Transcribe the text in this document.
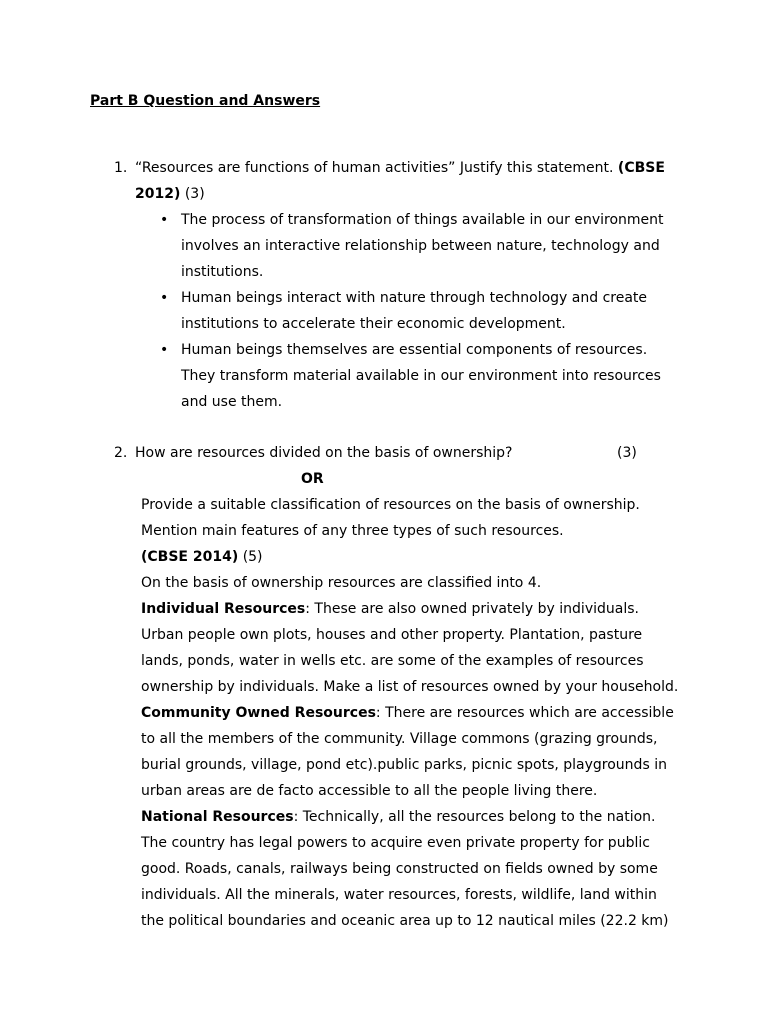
Part B Question and Answers
1. “Resources are functions of human activities” Justify this statement. (CBSE
2012) (3)
• The process of transformation of things available in our environment
involves an interactive relationship between nature, technology and
institutions.
• Human beings interact with nature through technology and create
institutions to accelerate their economic development.
• Human beings themselves are essential components of resources.
They transform material available in our environment into resources
and use them.
2. How are resources divided on the basis of ownership?	(3)
OR
Provide a suitable classification of resources on the basis of ownership.
Mention main features of any three types of such resources.
(CBSE 2014) (5)
On the basis of ownership resources are classified into 4.
Individual Resources: These are also owned privately by individuals.
Urban people own plots, houses and other property. Plantation, pasture
lands, ponds, water in wells etc. are some of the examples of resources
ownership by individuals. Make a list of resources owned by your household.
Community Owned Resources: There are resources which are accessible
to all the members of the community. Village commons (grazing grounds,
burial grounds, village, pond etc).public parks, picnic spots, playgrounds in
urban areas are de facto accessible to all the people living there.
National Resources: Technically, all the resources belong to the nation.
The country has legal powers to acquire even private property for public
good. Roads, canals, railways being constructed on fields owned by some
individuals. All the minerals, water resources, forests, wildlife, land within
the political boundaries and oceanic area up to 12 nautical miles (22.2 km)
